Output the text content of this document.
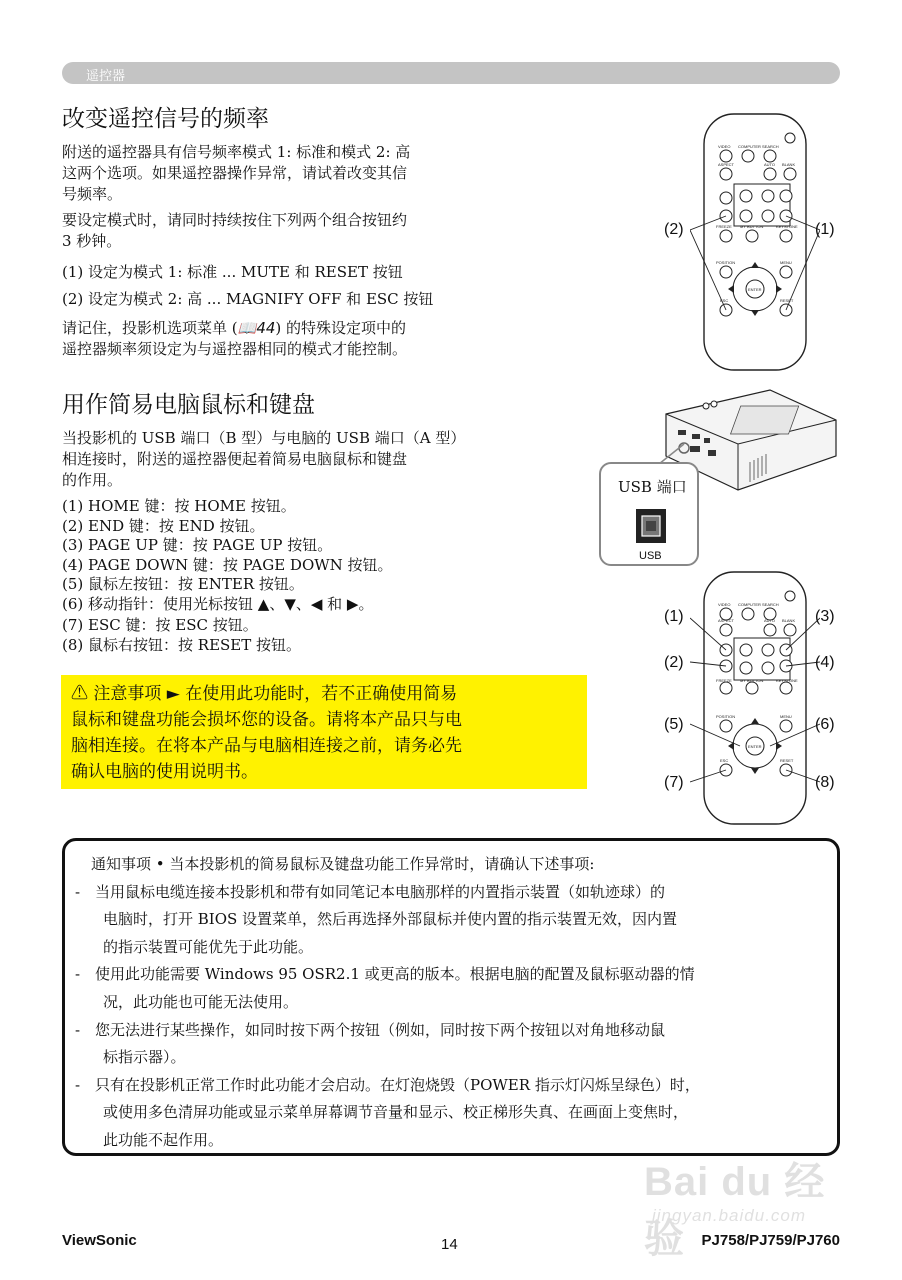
遥控器
改变遥控信号的频率
附送的遥控器具有信号频率模式 1: 标准和模式 2: 高
这两个选项。如果遥控器操作异常，请试着改变其信
号频率。
要设定模式时，请同时持续按住下列两个组合按钮约
3 秒钟。
(1) 设定为模式 1: 标准 ... MUTE 和 RESET 按钮
(2) 设定为模式 2: 高 ... MAGNIFY OFF 和 ESC 按钮
请记住，投影机选项菜单 (📖44) 的特殊设定项中的
遥控器频率须设定为与遥控器相同的模式才能控制。
用作简易电脑鼠标和键盘
当投影机的 USB 端口（B 型）与电脑的 USB 端口（A 型）
相连接时，附送的遥控器便起着简易电脑鼠标和键盘
的作用。
(1) HOME 键：按 HOME 按钮。
(2) END 键：按 END 按钮。
(3) PAGE UP 键：按 PAGE UP 按钮。
(4) PAGE DOWN 键：按 PAGE DOWN 按钮。
(5) 鼠标左按钮：按 ENTER 按钮。
(6) 移动指针：使用光标按钮 ▲、▼、◀ 和 ▶。
(7) ESC 键：按 ESC 按钮。
(8) 鼠标右按钮：按 RESET 按钮。
⚠ 注意事项 ► 在使用此功能时，若不正确使用简易
鼠标和键盘功能会损坏您的设备。请将本产品只与电
脑相连接。在将本产品与电脑相连接之前，请务必先
确认电脑的使用说明书。
通知事项 • 当本投影机的简易鼠标及键盘功能工作异常时，请确认下述事项:
- 当用鼠标电缆连接本投影机和带有如同笔记本电脑那样的内置指示装置（如轨迹球）的
电脑时，打开 BIOS 设置菜单，然后再选择外部鼠标并使内置的指示装置无效，因内置
的指示装置可能优先于此功能。
- 使用此功能需要 Windows 95 OSR2.1 或更高的版本。根据电脑的配置及鼠标驱动器的情
况，此功能也可能无法使用。
- 您无法进行某些操作，如同时按下两个按钮（例如，同时按下两个按钮以对角地移动鼠
标指示器）。
- 只有在投影机正常工作时此功能才会启动。在灯泡烧毁（POWER 指示灯闪烁呈绿色）时，
或使用多色清屏功能或显示菜单屏幕调节音量和显示、校正梯形失真、在画面上变焦时，
此功能不起作用。
VIDEO COMPUTER SEARCH
ASPECT	AUTO BLANK
FREEZE MY BUTTON	KEYSTONE
POSITION	MENU
ENTER
ESC	RESET
(2)	(1)
USB 端口
USB
VIDEO COMPUTER SEARCH
ASPECT	AUTO BLANK
FREEZE MY BUTTON	KEYSTONE
POSITION	MENU
ENTER
ESC	RESET
(1)	(3)
(2)	(4)
(5)	(6)
(7)	(8)
Bai du 经验
jingyan.baidu.com
ViewSonic	14	PJ758/PJ759/PJ760
